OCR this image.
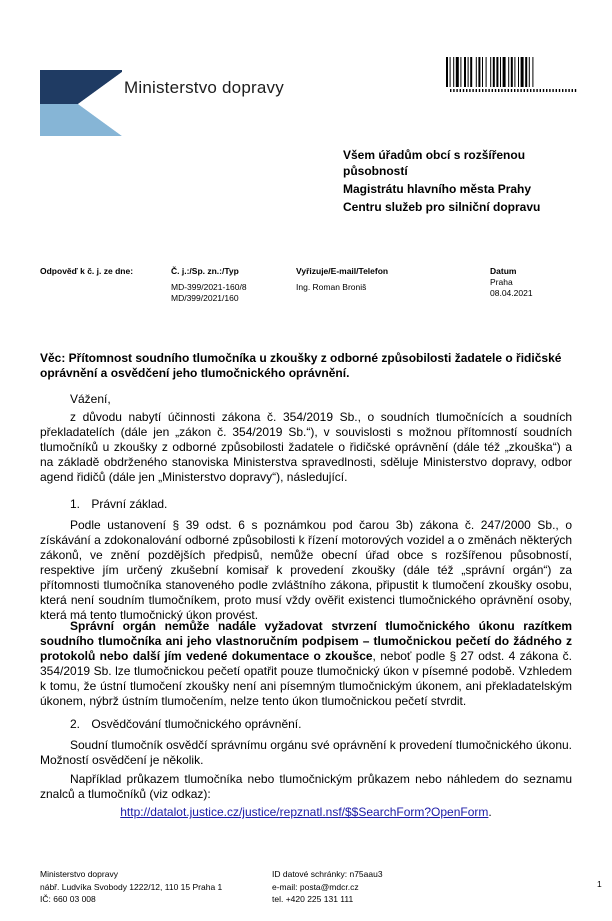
Ministerstvo dopravy
Všem úřadům obcí s rozšířenou působností
Magistrátu hlavního města Prahy
Centru služeb pro silniční dopravu
Odpověď k č. j. ze dne:	Č. j.:/Sp. zn.:/Typ
MD-399/2021-160/8
MD/399/2021/160
Vyřizuje/E-mail/Telefon
Ing. Roman Broniš
Datum
Praha
08.04.2021
Věc: Přítomnost soudního tlumočníka u zkoušky z odborné způsobilosti žadatele o řidičské oprávnění a osvědčení jeho tlumočnického oprávnění.
Vážení,
z důvodu nabytí účinnosti zákona č. 354/2019 Sb., o soudních tlumočnících a soudních překladatelích (dále jen „zákon č. 354/2019 Sb.“), v souvislosti s možnou přítomností soudních tlumočníků u zkoušky z odborné způsobilosti žadatele o řidičské oprávnění (dále též „zkouška“) a na základě obdrženého stanoviska Ministerstva spravedlnosti, sděluje Ministerstvo dopravy, odbor agend řidičů (dále jen „Ministerstvo dopravy“), následující.
1. Právní základ.
Podle ustanovení § 39 odst. 6 s poznámkou pod čarou 3b) zákona č. 247/2000 Sb., o získávání a zdokonalování odborné způsobilosti k řízení motorových vozidel a o změnách některých zákonů, ve znění pozdějších předpisů, nemůže obecní úřad obce s rozšířenou působností, respektive jím určený zkušební komisař k provedení zkoušky (dále též „správní orgán“) za přítomnosti tlumočníka stanoveného podle zvláštního zákona, připustit k tlumočení zkoušky osobu, která není soudním tlumočníkem, proto musí vždy ověřit existenci tlumočnického oprávnění osoby, která má tento tlumočnický úkon provést.
Správní orgán nemůže nadále vyžadovat stvrzení tlumočnického úkonu razítkem soudního tlumočníka ani jeho vlastnoručním podpisem – tlumočnickou pečetí do žádného z protokolů nebo další jím vedené dokumentace o zkoušce, neboť podle § 27 odst. 4 zákona č. 354/2019 Sb. lze tlumočnickou pečetí opatřit pouze tlumočnický úkon v písemné podobě. Vzhledem k tomu, že ústní tlumočení zkoušky není ani písemným tlumočnickým úkonem, ani překladatelským úkonem, nýbrž ústním tlumočením, nelze tento úkon tlumočnickou pečetí stvrdit.
2. Osvědčování tlumočnického oprávnění.
Soudní tlumočník osvědčí správnímu orgánu své oprávnění k provedení tlumočnického úkonu. Možností osvědčení je několik.
Například průkazem tlumočníka nebo tlumočnickým průkazem nebo náhledem do seznamu znalců a tlumočníků (viz odkaz):
http://datalot.justice.cz/justice/repznatl.nsf/$$SearchForm?OpenForm.
Ministerstvo dopravy
nábř. Ludvíka Svobody 1222/12, 110 15 Praha 1
IČ: 660 03 008
ID datové schránky: n75aau3
e-mail: posta@mdcr.cz
tel. +420 225 131 111
1
